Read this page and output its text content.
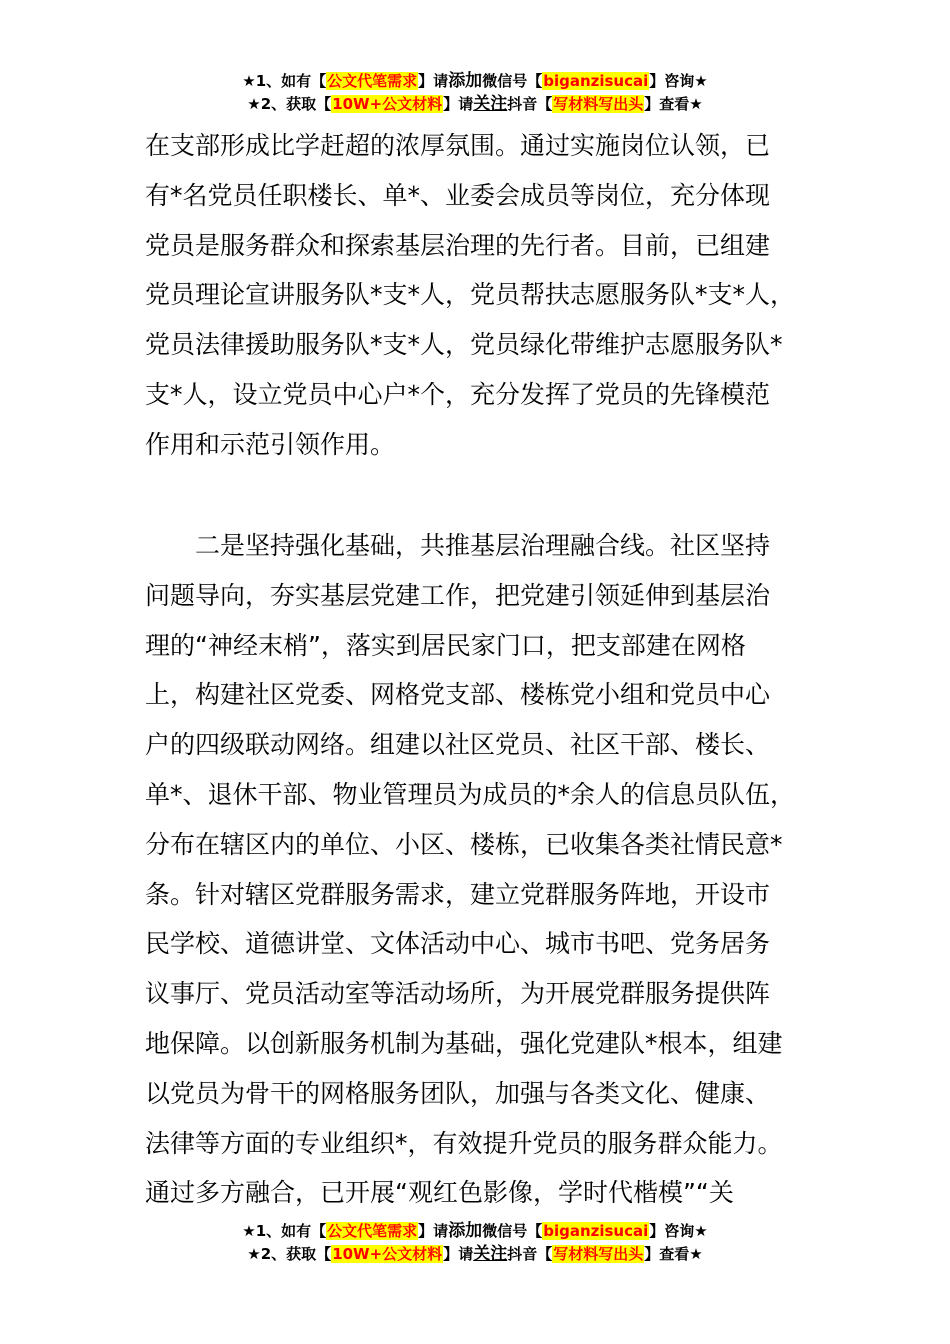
★1、如有【公文代笔需求】请添加微信号【biganzisucai】咨询★
★2、获取【10W+公文材料】请关注抖音【写材料写出头】查看★
在支部形成比学赶超的浓厚氛围。通过实施岗位认领，已
有*名党员任职楼长、单*、业委会成员等岗位，充分体现
党员是服务群众和探索基层治理的先行者。目前，已组建
党员理论宣讲服务队*支*人，党员帮扶志愿服务队*支*人，
党员法律援助服务队*支*人，党员绿化带维护志愿服务队*
支*人，设立党员中心户*个，充分发挥了党员的先锋模范
作用和示范引领作用。
　　二是坚持强化基础，共推基层治理融合线。社区坚持
问题导向，夯实基层党建工作，把党建引领延伸到基层治
理的“神经末梢”，落实到居民家门口，把支部建在网格
上，构建社区党委、网格党支部、楼栋党小组和党员中心
户的四级联动网络。组建以社区党员、社区干部、楼长、
单*、退休干部、物业管理员为成员的*余人的信息员队伍，
分布在辖区内的单位、小区、楼栋，已收集各类社情民意*
条。针对辖区党群服务需求，建立党群服务阵地，开设市
民学校、道德讲堂、文体活动中心、城市书吧、党务居务
议事厅、党员活动室等活动场所，为开展党群服务提供阵
地保障。以创新服务机制为基础，强化党建队*根本，组建
以党员为骨干的网格服务团队，加强与各类文化、健康、
法律等方面的专业组织*，有效提升党员的服务群众能力。
通过多方融合，已开展“观红色影像，学时代楷模”“关
★1、如有【公文代笔需求】请添加微信号【biganzisucai】咨询★
★2、获取【10W+公文材料】请关注抖音【写材料写出头】查看★
